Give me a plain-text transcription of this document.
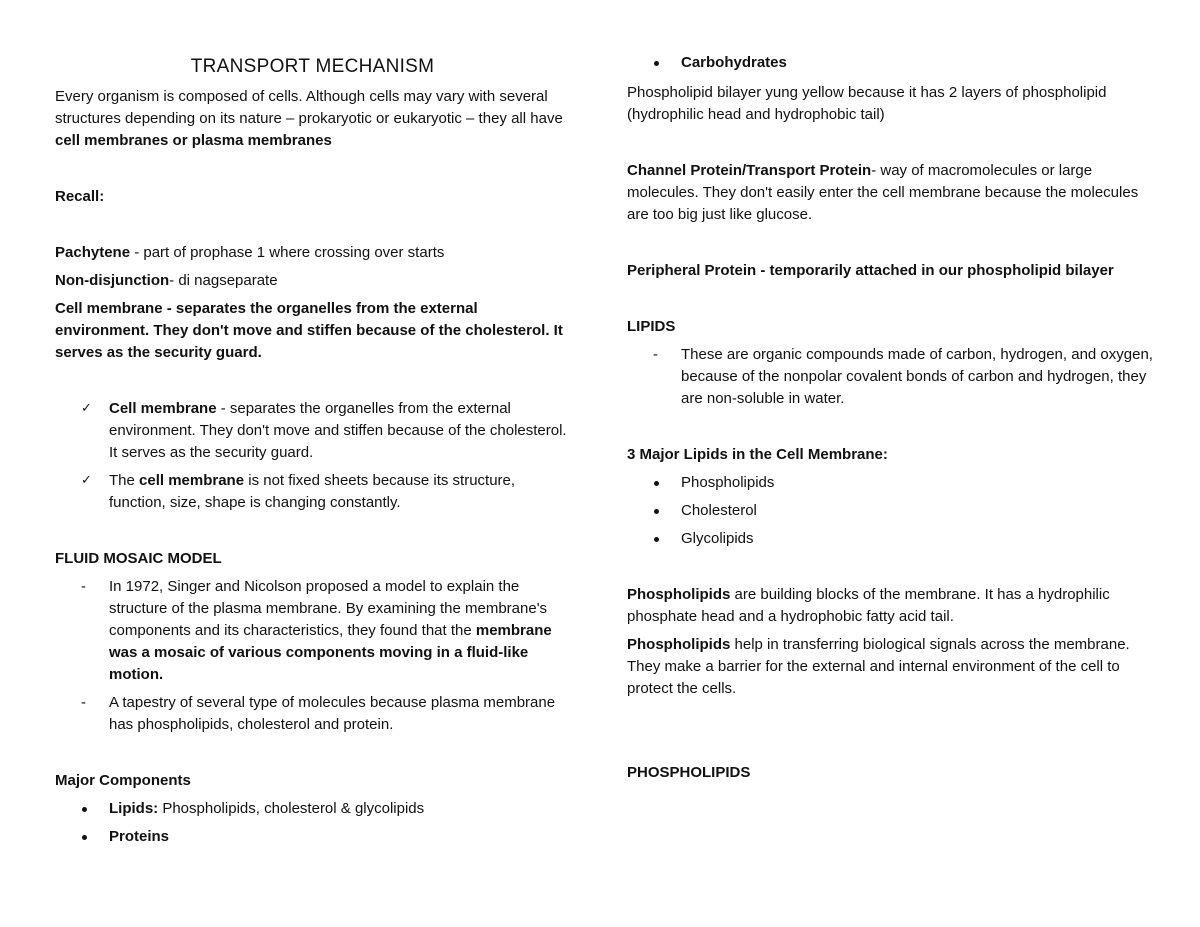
TRANSPORT MECHANISM

Every organism is composed of cells. Although cells may vary with several structures depending on its nature – prokaryotic or eukaryotic – they all have cell membranes or plasma membranes

Recall:

Pachytene - part of prophase 1 where crossing over starts

Non-disjunction- di nagseparate

Cell membrane - separates the organelles from the external environment. They don't move and stiffen because of the cholesterol. It serves as the security guard.

✓	Cell membrane - separates the organelles from the external environment. They don't move and stiffen because of the cholesterol. It serves as the security guard.
✓	The cell membrane is not fixed sheets because its structure, function, size, shape is changing constantly.

FLUID MOSAIC MODEL

-	In 1972, Singer and Nicolson proposed a model to explain the structure of the plasma membrane. By examining the membrane's components and its characteristics, they found that the membrane was a mosaic of various components moving in a fluid-like motion.
-	A tapestry of several type of molecules because plasma membrane has phospholipids, cholesterol and protein.

Major Components

Lipids: Phospholipids, cholesterol & glycolipids
Proteins
Carbohydrates

Phospholipid bilayer yung yellow because it has 2 layers of phospholipid (hydrophilic head and hydrophobic tail)

Channel Protein/Transport Protein- way of macromolecules or large molecules. They don't easily enter the cell membrane because the molecules are too big just like glucose.

Peripheral Protein - temporarily attached in our phospholipid bilayer

LIPIDS

-	These are organic compounds made of carbon, hydrogen, and oxygen, because of the nonpolar covalent bonds of carbon and hydrogen, they are non-soluble in water.

3 Major Lipids in the Cell Membrane:

Phospholipids
Cholesterol
Glycolipids

Phospholipids are building blocks of the membrane. It has a hydrophilic phosphate head and a hydrophobic fatty acid tail.

Phospholipids help in transferring biological signals across the membrane. They make a barrier for the external and internal environment of the cell to protect the cells.

PHOSPHOLIPIDS
